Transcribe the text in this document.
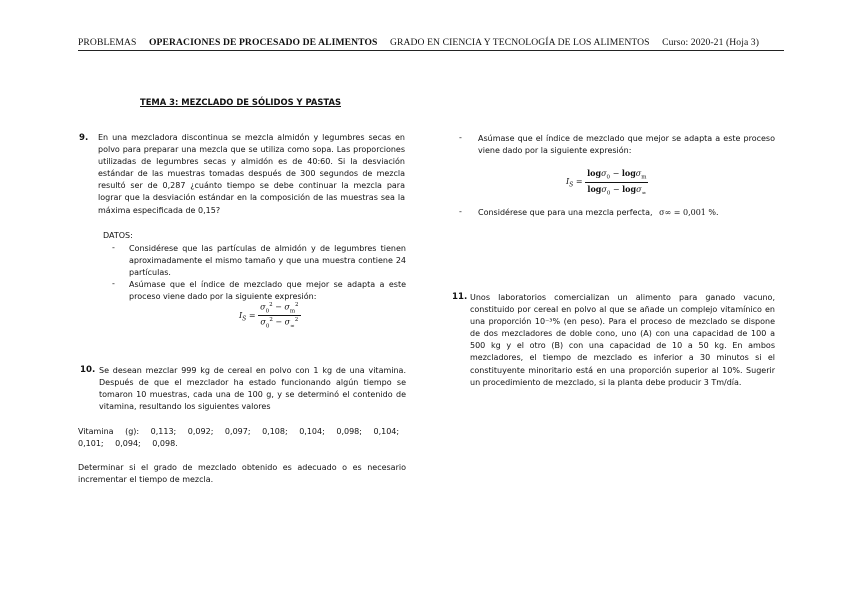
PROBLEMAS OPERACIONES DE PROCESADO DE ALIMENTOS GRADO EN CIENCIA Y TECNOLOGÍA DE LOS ALIMENTOS Curso: 2020-21 (Hoja 3)
TEMA 3: MEZCLADO DE SÓLIDOS Y PASTAS
9. En una mezcladora discontinua se mezcla almidón y legumbres secas en polvo para preparar una mezcla que se utiliza como sopa. Las proporciones utilizadas de legumbres secas y almidón es de 40:60. Si la desviación estándar de las muestras tomadas después de 300 segundos de mezcla resultó ser de 0,287 ¿cuánto tiempo se debe continuar la mezcla para lograr que la desviación estándar en la composición de las muestras sea la máxima especificada de 0,15?
DATOS:
- Considérese que las partículas de almidón y de legumbres tienen aproximadamente el mismo tamaño y que una muestra contiene 24 partículas.
- Asúmase que el índice de mezclado que mejor se adapta a este proceso viene dado por la siguiente expresión:
$I_S = \frac{\sigma_0^2 - \sigma_m^2}{\sigma_0^2 - \sigma_\infty^2}$
10. Se desean mezclar 999 kg de cereal en polvo con 1 kg de una vitamina. Después de que el mezclador ha estado funcionando algún tiempo se tomaron 10 muestras, cada una de 100 g, y se determinó el contenido de vitamina, resultando los siguientes valores
Vitamina (g): 0,113; 0,092; 0,097; 0,108; 0,104; 0,098; 0,104;
0,101; 0,094; 0,098.
Determinar si el grado de mezclado obtenido es adecuado o es necesario incrementar el tiempo de mezcla.
- Asúmase que el índice de mezclado que mejor se adapta a este proceso viene dado por la siguiente expresión:
$I_S = \frac{\log\sigma_0 - \log\sigma_m}{\log\sigma_0 - \log\sigma_\infty}$
- Considérese que para una mezcla perfecta, σ∞ = 0,001 %.
11. Unos laboratorios comercializan un alimento para ganado vacuno, constituido por cereal en polvo al que se añade un complejo vitamínico en una proporción 10⁻³% (en peso). Para el proceso de mezclado se dispone de dos mezcladores de doble cono, uno (A) con una capacidad de 100 a 500 kg y el otro (B) con una capacidad de 10 a 50 kg. En ambos mezcladores, el tiempo de mezclado es inferior a 30 minutos si el constituyente minoritario está en una proporción superior al 10%. Sugerir un procedimiento de mezclado, si la planta debe producir 3 Tm/día.
